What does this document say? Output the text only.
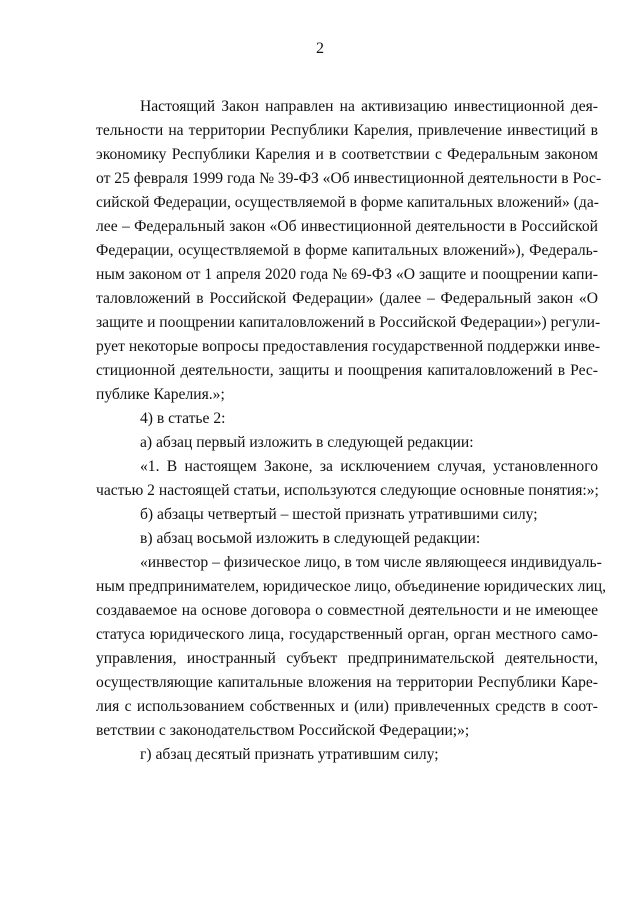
2
Настоящий Закон направлен на активизацию инвестиционной дея-
тельности на территории Республики Карелия, привлечение инвестиций в
экономику Республики Карелия и в соответствии с Федеральным законом
от 25 февраля 1999 года № 39-ФЗ «Об инвестиционной деятельности в Рос-
сийской Федерации, осуществляемой в форме капитальных вложений» (да-
лее – Федеральный закон «Об инвестиционной деятельности в Российской
Федерации, осуществляемой в форме капитальных вложений»), Федераль-
ным законом от 1 апреля 2020 года № 69-ФЗ «О защите и поощрении капи-
таловложений в Российской Федерации» (далее – Федеральный закон «О
защите и поощрении капиталовложений в Российской Федерации») регули-
рует некоторые вопросы предоставления государственной поддержки инве-
стиционной деятельности, защиты и поощрения капиталовложений в Рес-
публике Карелия.»;
4) в статье 2:
а) абзац первый изложить в следующей редакции:
«1. В настоящем Законе, за исключением случая, установленного
частью 2 настоящей статьи, используются следующие основные понятия:»;
б) абзацы четвертый – шестой признать утратившими силу;
в) абзац восьмой изложить в следующей редакции:
«инвестор – физическое лицо, в том числе являющееся индивидуаль-
ным предпринимателем, юридическое лицо, объединение юридических лиц,
создаваемое на основе договора о совместной деятельности и не имеющее
статуса юридического лица, государственный орган, орган местного само-
управления, иностранный субъект предпринимательской деятельности,
осуществляющие капитальные вложения на территории Республики Каре-
лия с использованием собственных и (или) привлеченных средств в соот-
ветствии с законодательством Российской Федерации;»;
г) абзац десятый признать утратившим силу;
